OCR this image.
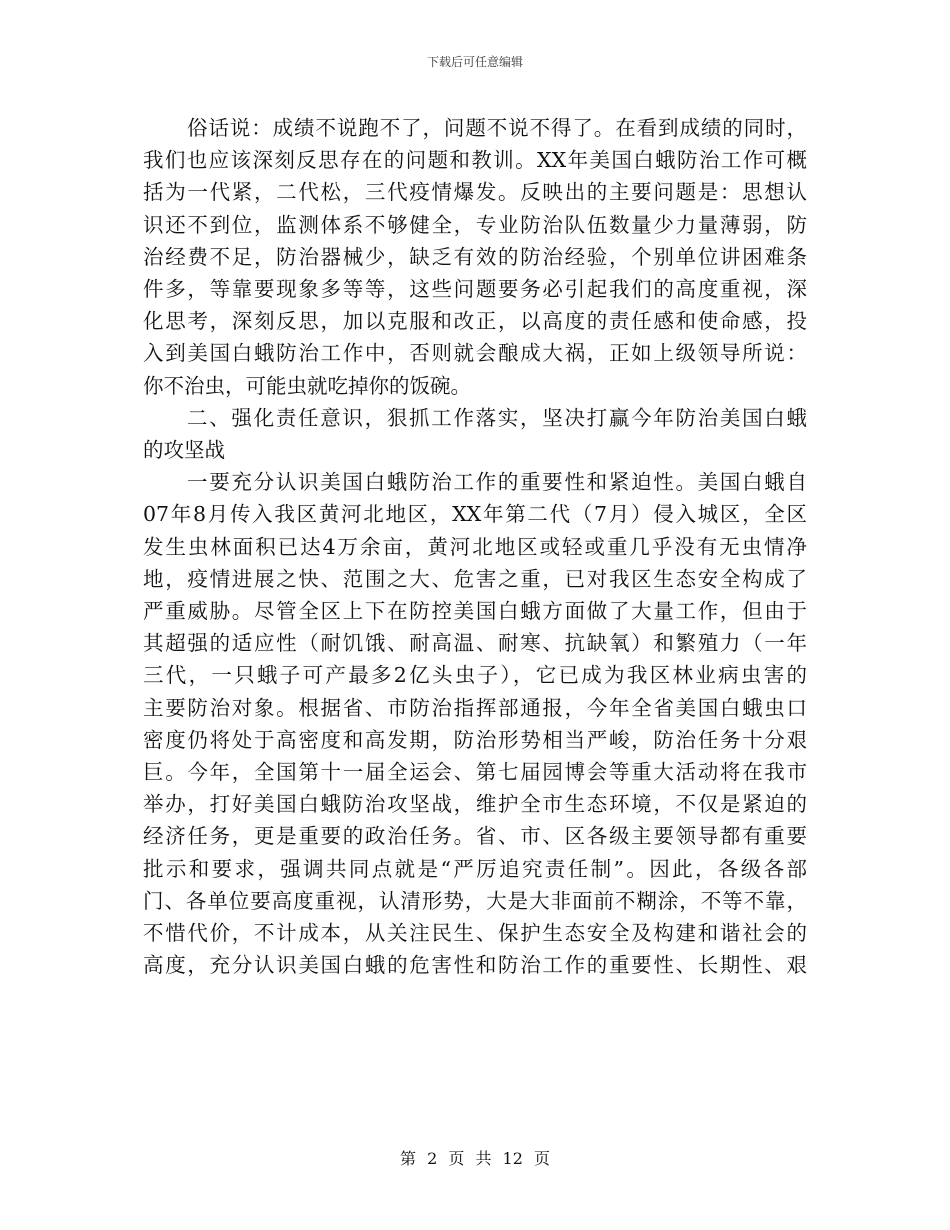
下载后可任意编辑
俗话说：成绩不说跑不了，问题不说不得了。在看到成绩的同时，
我们也应该深刻反思存在的问题和教训。XX年美国白蛾防治工作可概
括为一代紧，二代松，三代疫情爆发。反映出的主要问题是：思想认
识还不到位，监测体系不够健全，专业防治队伍数量少力量薄弱，防
治经费不足，防治器械少，缺乏有效的防治经验，个别单位讲困难条
件多，等靠要现象多等等，这些问题要务必引起我们的高度重视，深
化思考，深刻反思，加以克服和改正，以高度的责任感和使命感，投
入到美国白蛾防治工作中，否则就会酿成大祸，正如上级领导所说：
你不治虫，可能虫就吃掉你的饭碗。
二、强化责任意识，狠抓工作落实，坚决打赢今年防治美国白蛾
的攻坚战
一要充分认识美国白蛾防治工作的重要性和紧迫性。美国白蛾自
07年8月传入我区黄河北地区，XX年第二代（7月）侵入城区，全区
发生虫林面积已达4万余亩，黄河北地区或轻或重几乎没有无虫情净
地，疫情进展之快、范围之大、危害之重，已对我区生态安全构成了
严重威胁。尽管全区上下在防控美国白蛾方面做了大量工作，但由于
其超强的适应性（耐饥饿、耐高温、耐寒、抗缺氧）和繁殖力（一年
三代，一只蛾子可产最多2亿头虫子），它已成为我区林业病虫害的
主要防治对象。根据省、市防治指挥部通报，今年全省美国白蛾虫口
密度仍将处于高密度和高发期，防治形势相当严峻，防治任务十分艰
巨。今年，全国第十一届全运会、第七届园博会等重大活动将在我市
举办，打好美国白蛾防治攻坚战，维护全市生态环境，不仅是紧迫的
经济任务，更是重要的政治任务。省、市、区各级主要领导都有重要
批示和要求，强调共同点就是“严厉追究责任制”。因此，各级各部
门、各单位要高度重视，认清形势，大是大非面前不糊涂，不等不靠，
不惜代价，不计成本，从关注民生、保护生态安全及构建和谐社会的
高度，充分认识美国白蛾的危害性和防治工作的重要性、长期性、艰
第 2 页 共 12 页
